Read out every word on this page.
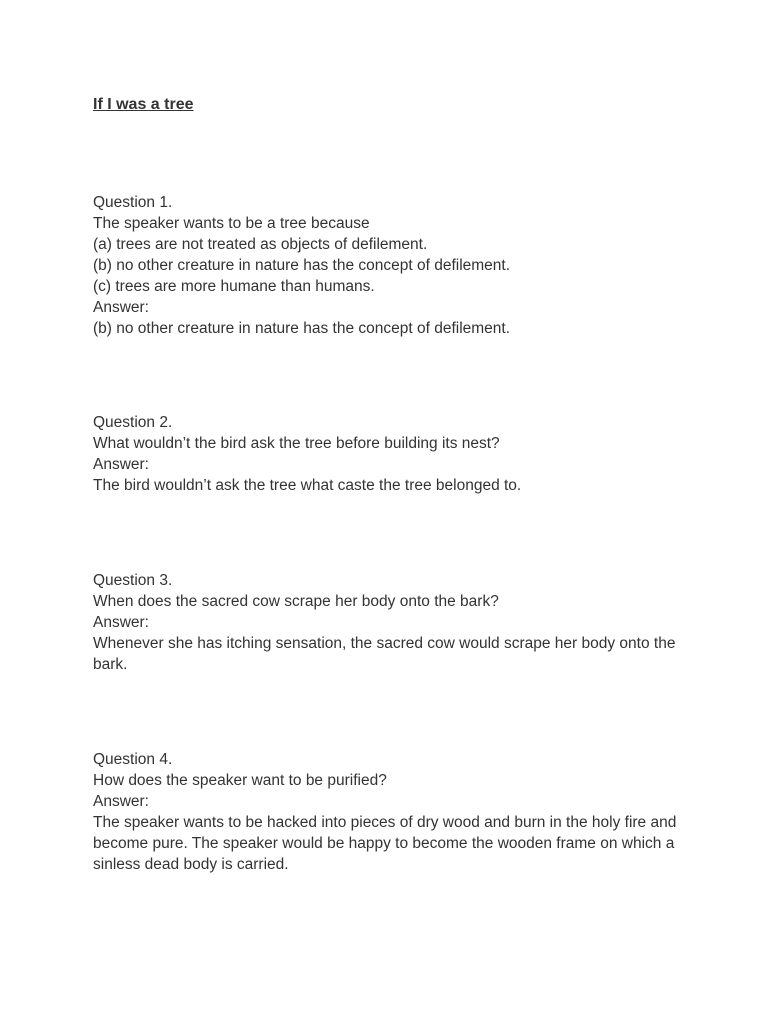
If I was a tree
Question 1.
The speaker wants to be a tree because
(a) trees are not treated as objects of defilement.
(b) no other creature in nature has the concept of defilement.
(c) trees are more humane than humans.
Answer:
(b) no other creature in nature has the concept of defilement.
Question 2.
What wouldn’t the bird ask the tree before building its nest?
Answer:
The bird wouldn’t ask the tree what caste the tree belonged to.
Question 3.
When does the sacred cow scrape her body onto the bark?
Answer:
Whenever she has itching sensation, the sacred cow would scrape her body onto the bark.
Question 4.
How does the speaker want to be purified?
Answer:
The speaker wants to be hacked into pieces of dry wood and burn in the holy fire and become pure. The speaker would be happy to become the wooden frame on which a sinless dead body is carried.
